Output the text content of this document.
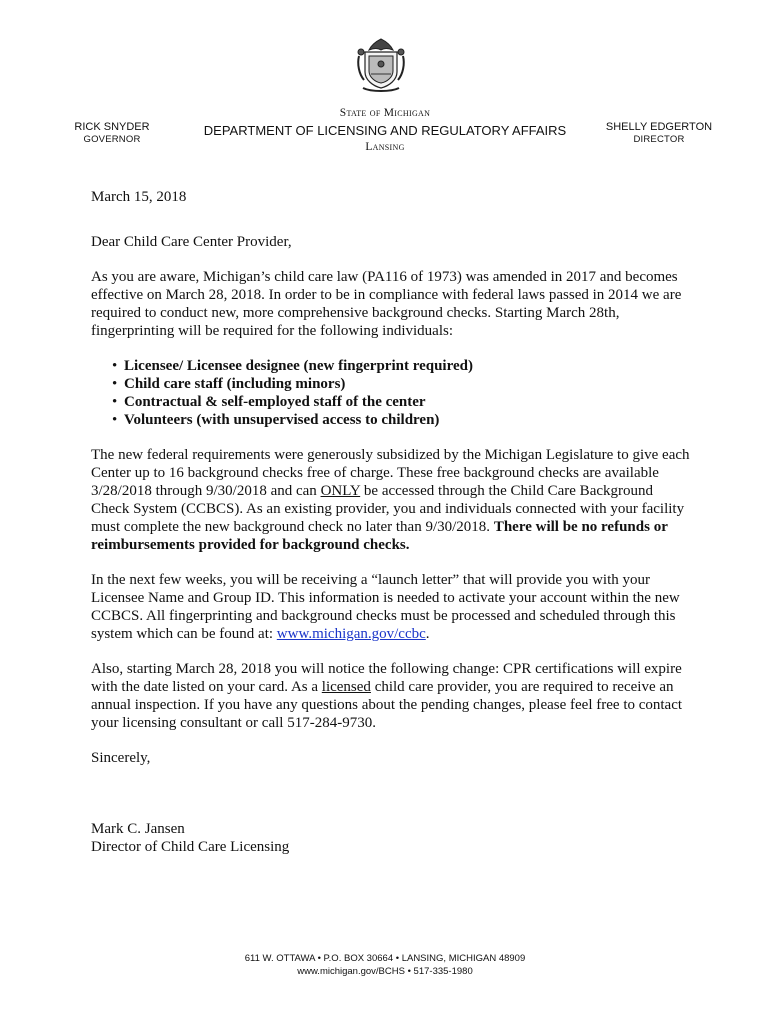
RICK SNYDER
GOVERNOR
State of Michigan
DEPARTMENT OF LICENSING AND REGULATORY AFFAIRS
Lansing
SHELLY EDGERTON
DIRECTOR

March 15, 2018

Dear Child Care Center Provider,

As you are aware, Michigan’s child care law (PA116 of 1973) was amended in 2017 and becomes effective on March 28, 2018. In order to be in compliance with federal laws passed in 2014 we are required to conduct new, more comprehensive background checks. Starting March 28th, fingerprinting will be required for the following individuals:

• Licensee/ Licensee designee (new fingerprint required)
• Child care staff (including minors)
• Contractual & self-employed staff of the center
• Volunteers (with unsupervised access to children)

The new federal requirements were generously subsidized by the Michigan Legislature to give each Center up to 16 background checks free of charge. These free background checks are available 3/28/2018 through 9/30/2018 and can ONLY be accessed through the Child Care Background Check System (CCBCS). As an existing provider, you and individuals connected with your facility must complete the new background check no later than 9/30/2018. There will be no refunds or reimbursements provided for background checks.

In the next few weeks, you will be receiving a “launch letter” that will provide you with your Licensee Name and Group ID. This information is needed to activate your account within the new CCBCS. All fingerprinting and background checks must be processed and scheduled through this system which can be found at: www.michigan.gov/ccbc.

Also, starting March 28, 2018 you will notice the following change: CPR certifications will expire with the date listed on your card. As a licensed child care provider, you are required to receive an annual inspection. If you have any questions about the pending changes, please feel free to contact your licensing consultant or call 517-284-9730.

Sincerely,

Mark C. Jansen

Director of Child Care Licensing

611 W. OTTAWA • P.O. BOX 30664 • LANSING, MICHIGAN 48909
www.michigan.gov/BCHS • 517-335-1980
